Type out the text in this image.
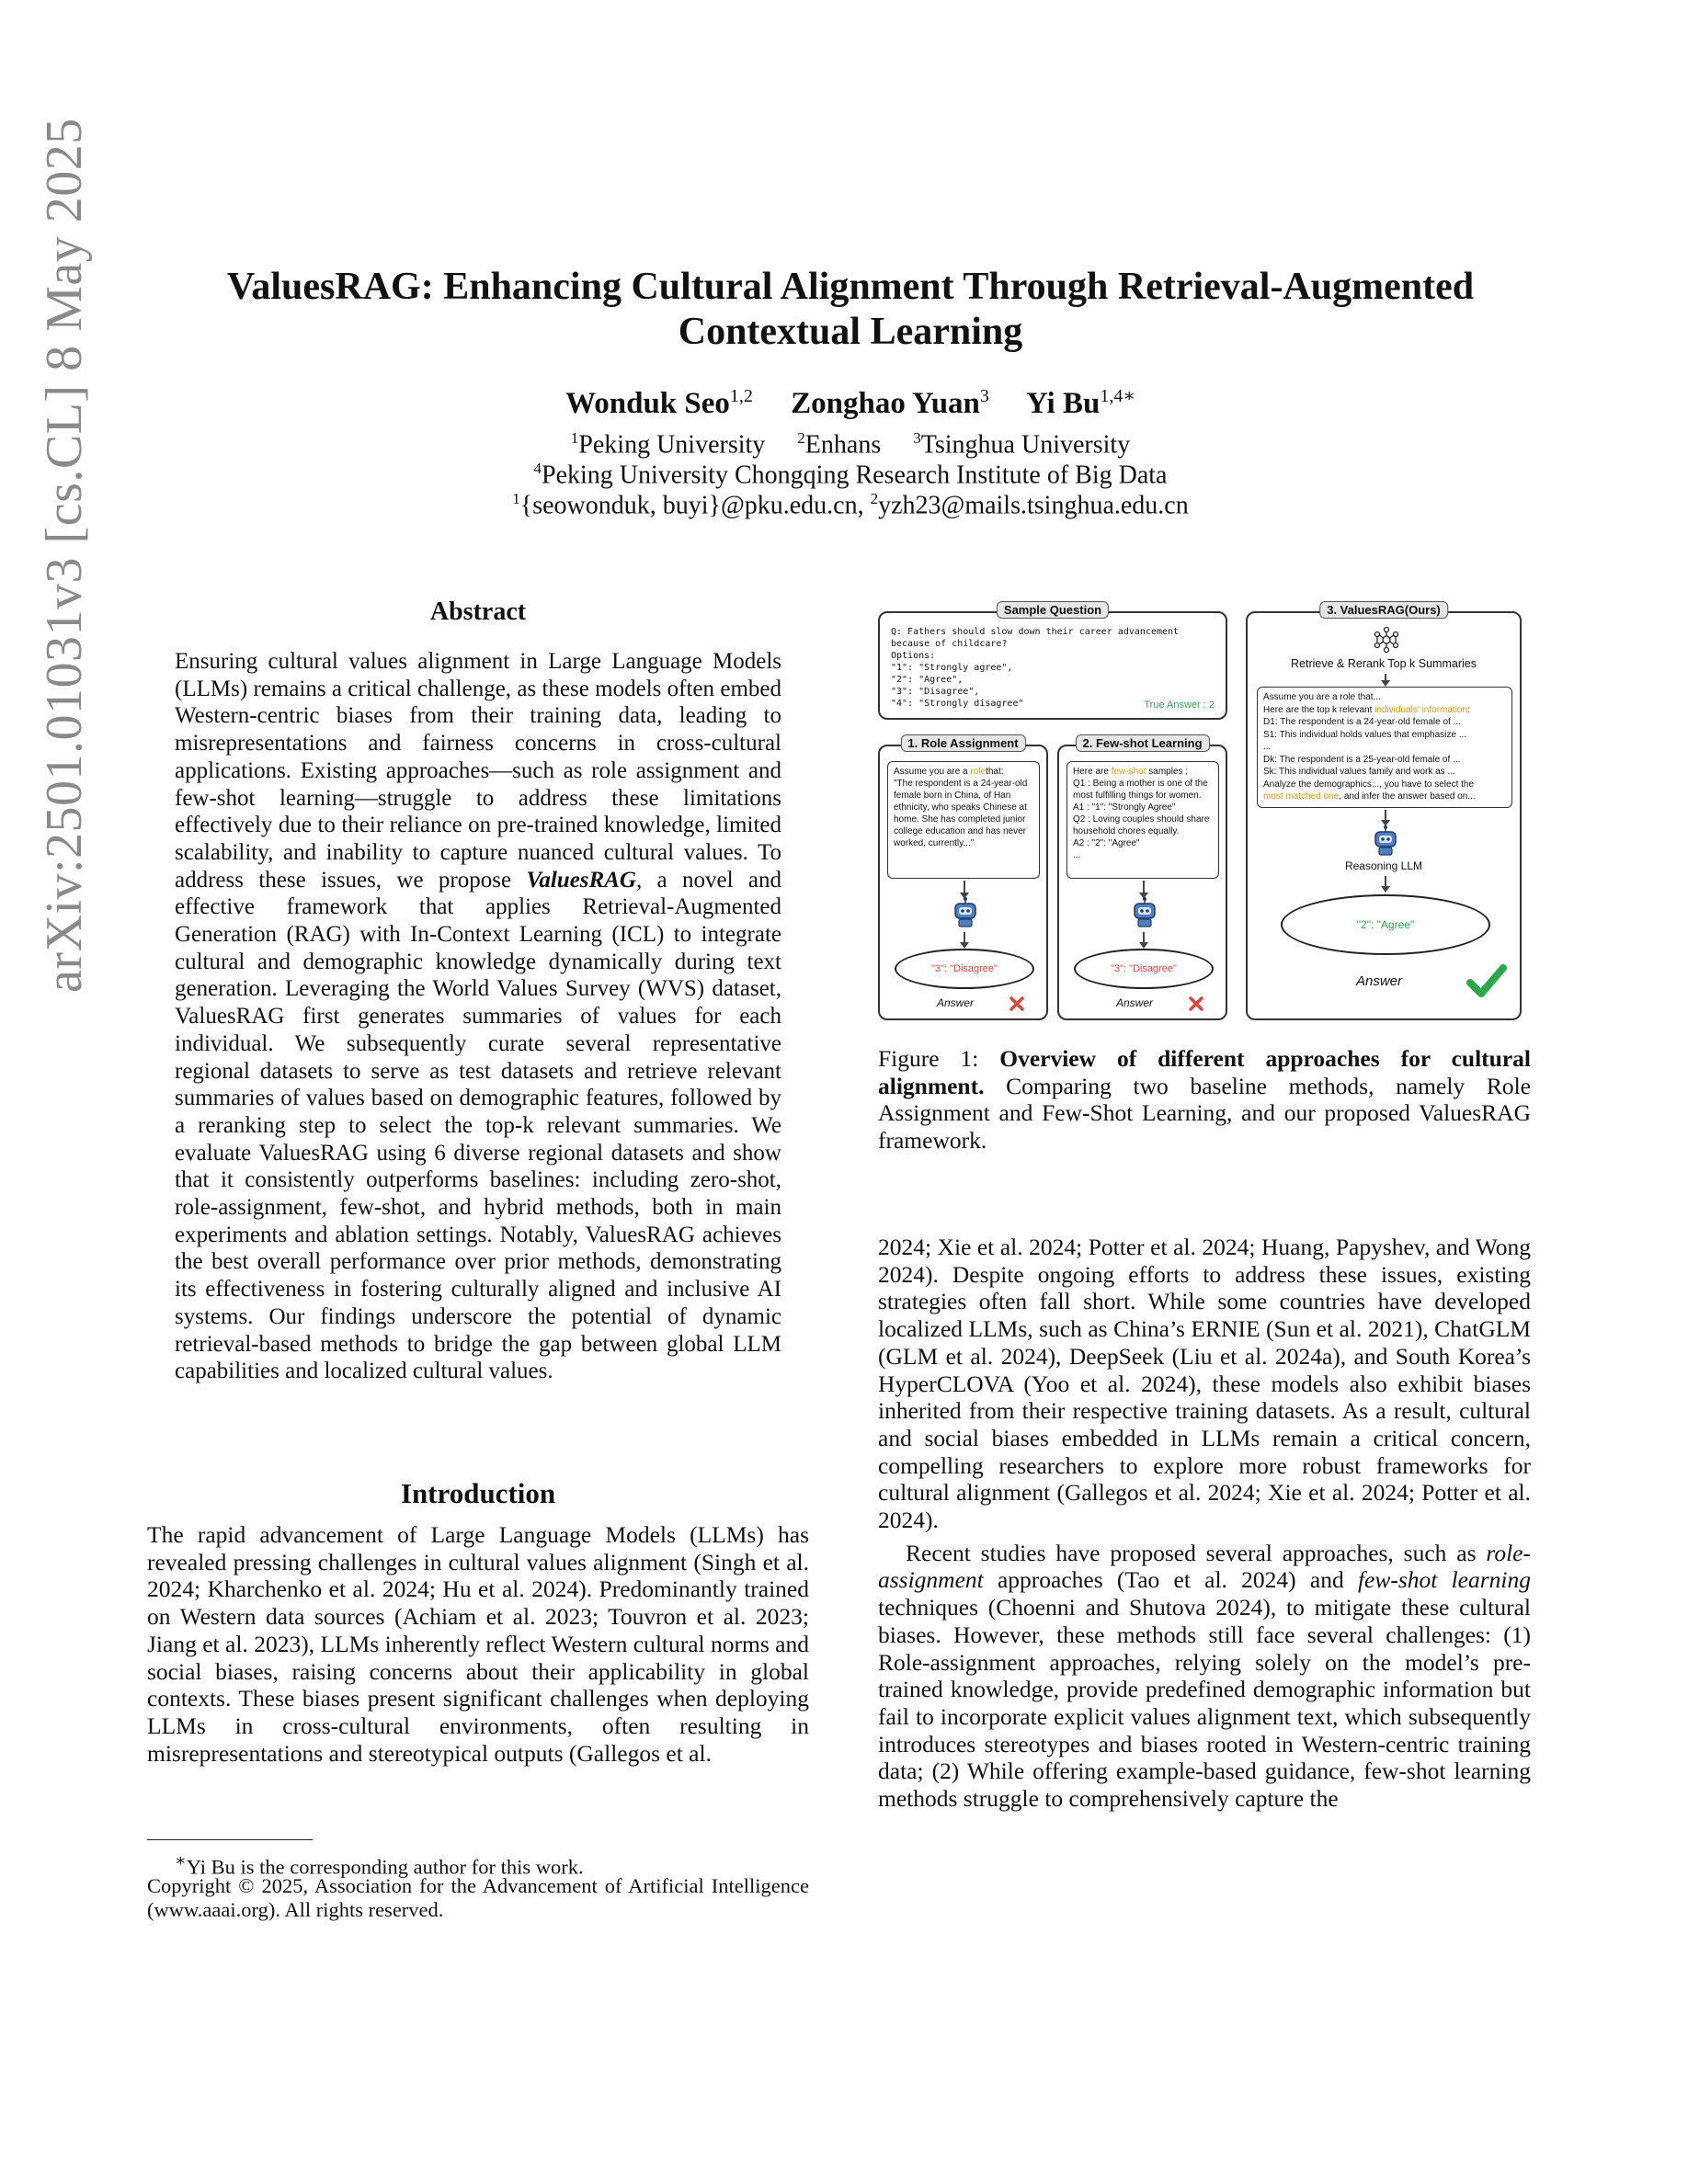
arXiv:2501.01031v3 [cs.CL] 8 May 2025	ValuesRAG: Enhancing Cultural Alignment Through Retrieval-Augmented
Contextual Learning
Wonduk Seo$^{1,2}$ Zonghao Yuan$^3$ Yi $Bu^{1,4∗}$
$^1$Peking University $^2$Enhans $^3$Tsinghua University
$^4$Peking University Chongqing Research Institute of Big Data
$^1${seowonduk, buyi}@pku.edu.cn, $^2$yzh23@mails.tsinghua.edu.cn
Abstract

Ensuring cultural values alignment in Large Language Models (LLMs) remains a critical challenge, as these models often embed Western-centric biases from their training data, leading to misrepresentations and fairness concerns in cross-cultural applications. Existing approaches—such as role assignment and few-shot learning—struggle to address these limitations effectively due to their reliance on pre-trained knowledge, limited scalability, and inability to capture nuanced cultural values. To address these issues, we propose ValuesRAG, a novel and effective framework that applies Retrieval-Augmented Generation (RAG) with In-Context Learning (ICL) to integrate cultural and demographic knowledge dynamically during text generation. Leveraging the World Values Survey (WVS) dataset, ValuesRAG first generates summaries of values for each individual. We subsequently curate several representative regional datasets to serve as test datasets and retrieve relevant summaries of values based on demographic features, followed by a reranking step to select the top-k relevant summaries. We evaluate ValuesRAG using 6 diverse regional datasets and show that it consistently outperforms baselines: including zero-shot, role-assignment, few-shot, and hybrid methods, both in main experiments and ablation settings. Notably, ValuesRAG achieves the best overall performance over prior methods, demonstrating its effectiveness in fostering culturally aligned and inclusive AI systems. Our findings underscore the potential of dynamic retrieval-based methods to bridge the gap between global LLM capabilities and localized cultural values.

Introduction

The rapid advancement of Large Language Models (LLMs) has revealed pressing challenges in cultural values alignment (Singh et al. 2024; Kharchenko et al. 2024; Hu et al. 2024). Predominantly trained on Western data sources (Achiam et al. 2023; Touvron et al. 2023; Jiang et al. 2023), LLMs inherently reflect Western cultural norms and social biases, raising concerns about their applicability in global contexts. These biases present significant challenges when deploying LLMs in cross-cultural environments, often resulting in misrepresentations and stereotypical outputs (Gallegos et al.

∗Yi Bu is the corresponding author for this work.
Copyright © 2025, Association for the Advancement of Artificial Intelligence (www.aaai.org). All rights reserved.
Sample Question
Q: Fathers should slow down their career advancement
because of childcare?
Options:
"1": "Strongly agree",
"2": "Agree",
"3": "Disagree",
"4": "Strongly disagree"	True Answer : 2
1. Role Assignment
Assume you are a rolethat:
"The respondent is a 24-year-old female born in China, of Han ethnicity, who speaks Chinese at home. She has completed junior college education and has never worked, currently..."
"3": "Disagree"
Answer
2. Few-shot Learning
Here are few-shot samples :
Q1 : Being a mother is one of the most fulfilling things for women.
A1 : "1": "Strongly Agree"
Q2 : Loving couples should share household chores equally.
A2 : "2": "Agree"
...
"3": "Disagree"
Answer
3. ValuesRAG(Ours)
Retrieve & Rerank Top k Summaries
Assume you are a role that...
Here are the top k relevant individuals' information:
D1: The respondent is a 24-year-old female of ...
S1: This individual holds values that emphasize ...
...
Dk: The respondent is a 25-year-old female of ...
Sk: This individual values family and work as ...
Analyze the demographics..., you have to select the
most matched one, and infer the answer based on...
Reasoning LLM
"2": "Agree"
Answer
Figure 1: Overview of different approaches for cultural alignment. Comparing two baseline methods, namely Role Assignment and Few-Shot Learning, and our proposed ValuesRAG framework.

2024; Xie et al. 2024; Potter et al. 2024; Huang, Papyshev, and Wong 2024). Despite ongoing efforts to address these issues, existing strategies often fall short. While some countries have developed localized LLMs, such as China’s ERNIE (Sun et al. 2021), ChatGLM (GLM et al. 2024), DeepSeek (Liu et al. 2024a), and South Korea’s HyperCLOVA (Yoo et al. 2024), these models also exhibit biases inherited from their respective training datasets. As a result, cultural and social biases embedded in LLMs remain a critical concern, compelling researchers to explore more robust frameworks for cultural alignment (Gallegos et al. 2024; Xie et al. 2024; Potter et al. 2024).

Recent studies have proposed several approaches, such as role-assignment approaches (Tao et al. 2024) and few-shot learning techniques (Choenni and Shutova 2024), to mitigate these cultural biases. However, these methods still face several challenges: (1) Role-assignment approaches, relying solely on the model’s pre-trained knowledge, provide predefined demographic information but fail to incorporate explicit values alignment text, which subsequently introduces stereotypes and biases rooted in Western-centric training data; (2) While offering example-based guidance, few-shot learning methods struggle to comprehensively capture the
